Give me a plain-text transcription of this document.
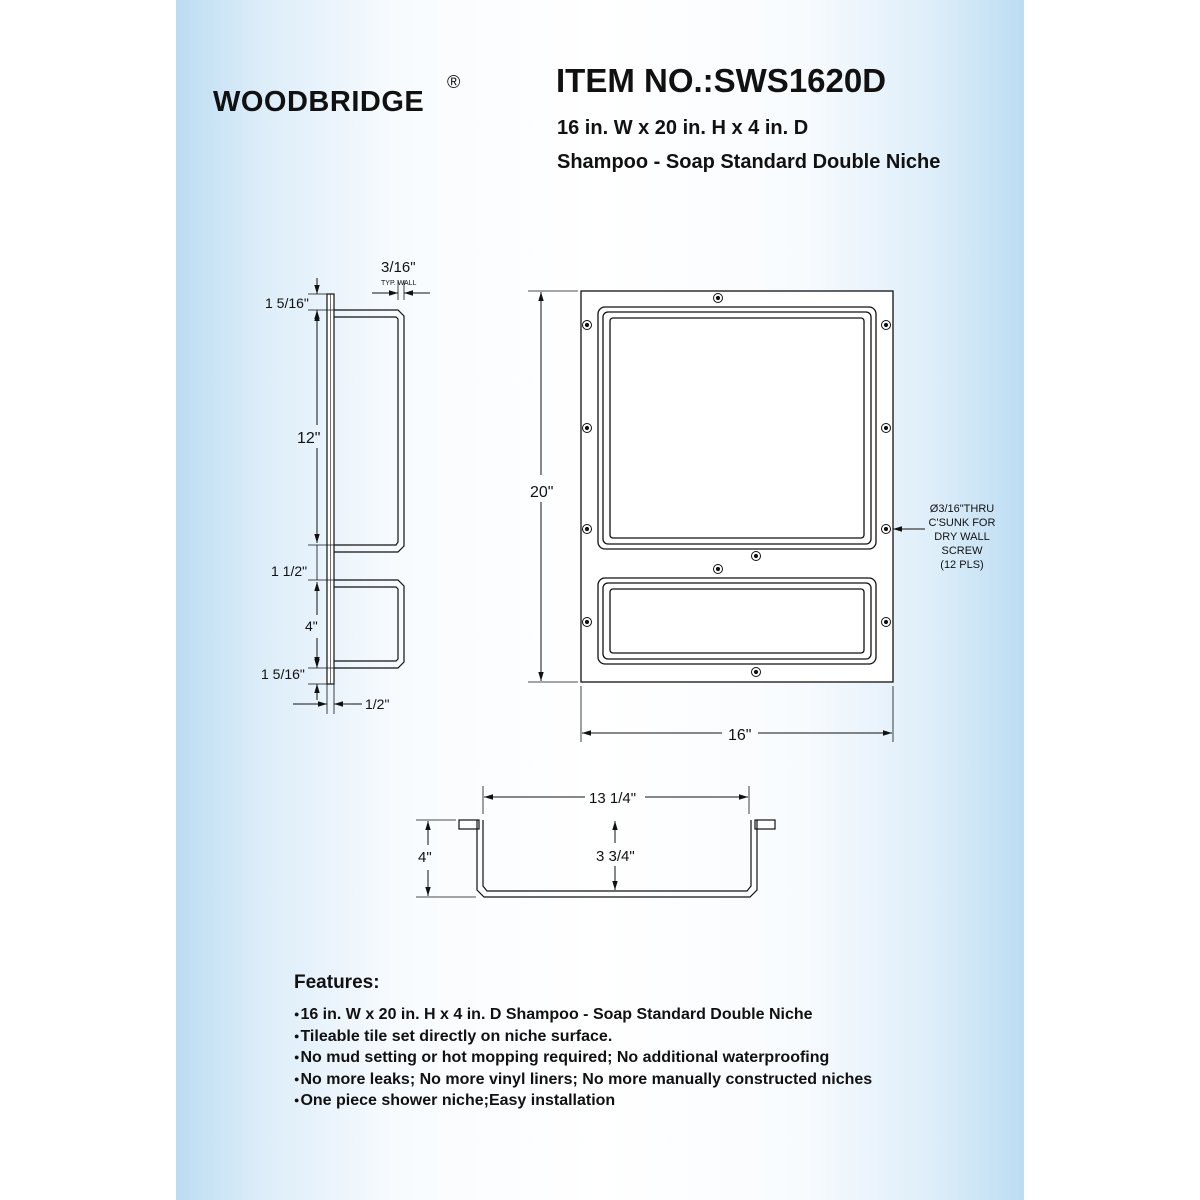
WOODBRIDGE
®	ITEM NO.:SWS1620D
16 in. W x 20 in. H x 4 in. D
Shampoo - Soap Standard Double Niche
3/16"
TYP. WALL
1 5/16"
12"
1 1/2"
4"
1 5/16"
1/2"
20"
16"
Ø3/16"THRU
C'SUNK FOR
DRY WALL
SCREW
(12 PLS)
13 1/4"
4"	3 3/4"
Features:
● 16 in. W x 20 in. H x 4 in. D Shampoo - Soap Standard Double Niche
● Tileable tile set directly on niche surface.
● No mud setting or hot mopping required; No additional waterproofing
● No more leaks; No more vinyl liners; No more manually constructed niches
● One piece shower niche;Easy installation
